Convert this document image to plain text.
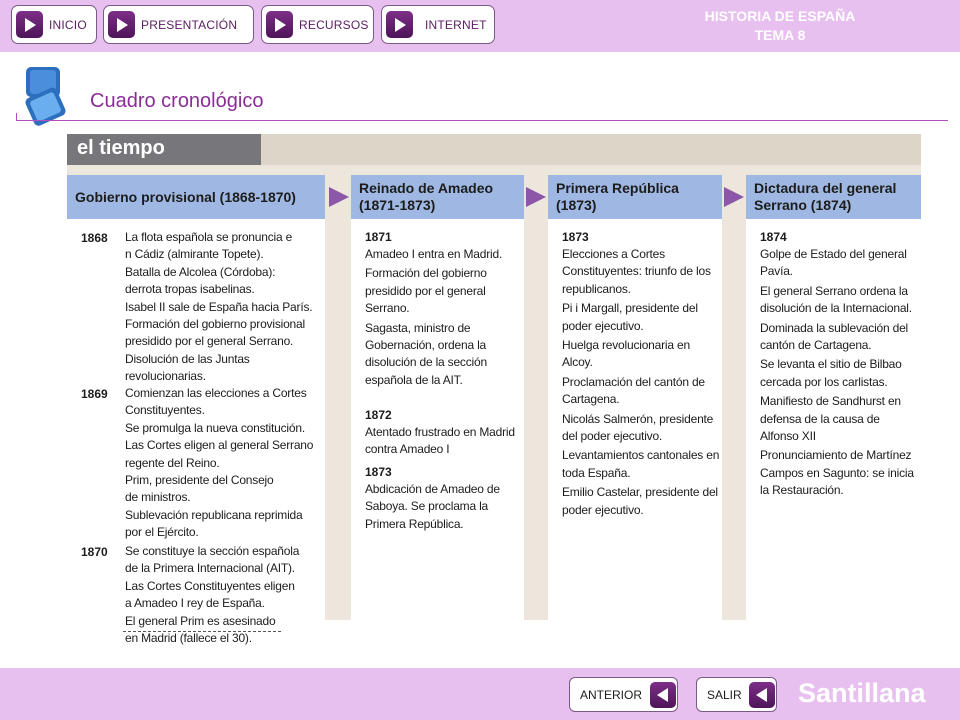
INICIO	PRESENTACIÓN	RECURSOS	INTERNET
HISTORIA DE ESPAÑA
TEMA 8
Cuadro cronológico
el tiempo
Gobierno provisional (1868-1870)
1868 La flota española se pronuncia e

n Cádiz (almirante Topete).

Batalla de Alcolea (Córdoba):

derrota tropas isabelinas.

Isabel II sale de España hacia París.

Formación del gobierno provisional

presidido por el general Serrano.

Disolución de las Juntas

revolucionarias.

1869 Comienzan las elecciones a Cortes

Constituyentes.

Se promulga la nueva constitución.

Las Cortes eligen al general Serrano

regente del Reino.

Prim, presidente del Consejo

de ministros.

Sublevación republicana reprimida

por el Ejército.

1870 Se constituye la sección española

de la Primera Internacional (AIT).

Las Cortes Constituyentes eligen

a Amadeo I rey de España.

El general Prim es asesinado

en Madrid (fallece el 30).

Reinado de Amadeo
(1871-1873)
1871

Amadeo I entra en Madrid.

Formación del gobierno presidido por el general Serrano.

Sagasta, ministro de Gobernación, ordena la disolución de la sección española de la AIT.

1872

Atentado frustrado en Madrid contra Amadeo I

1873

Abdicación de Amadeo de Saboya. Se proclama la Primera República.

Primera República
(1873)
1873

Elecciones a Cortes Constituyentes: triunfo de los republicanos.

Pi i Margall, presidente del poder ejecutivo.

Huelga revolucionaria en Alcoy.

Proclamación del cantón de Cartagena.

Nicolás Salmerón, presidente del poder ejecutivo.

Levantamientos cantonales en toda España.

Emilio Castelar, presidente del poder ejecutivo.

Dictadura del general
Serrano (1874)
1874

Golpe de Estado del general Pavía.

El general Serrano ordena la disolución de la Internacional.

Dominada la sublevación del cantón de Cartagena.

Se levanta el sitio de Bilbao cercada por los carlistas.

Manifiesto de Sandhurst en defensa de la causa de Alfonso XII

Pronunciamiento de Martínez Campos en Sagunto: se inicia la Restauración.

ANTERIOR	SALIR Santillana
